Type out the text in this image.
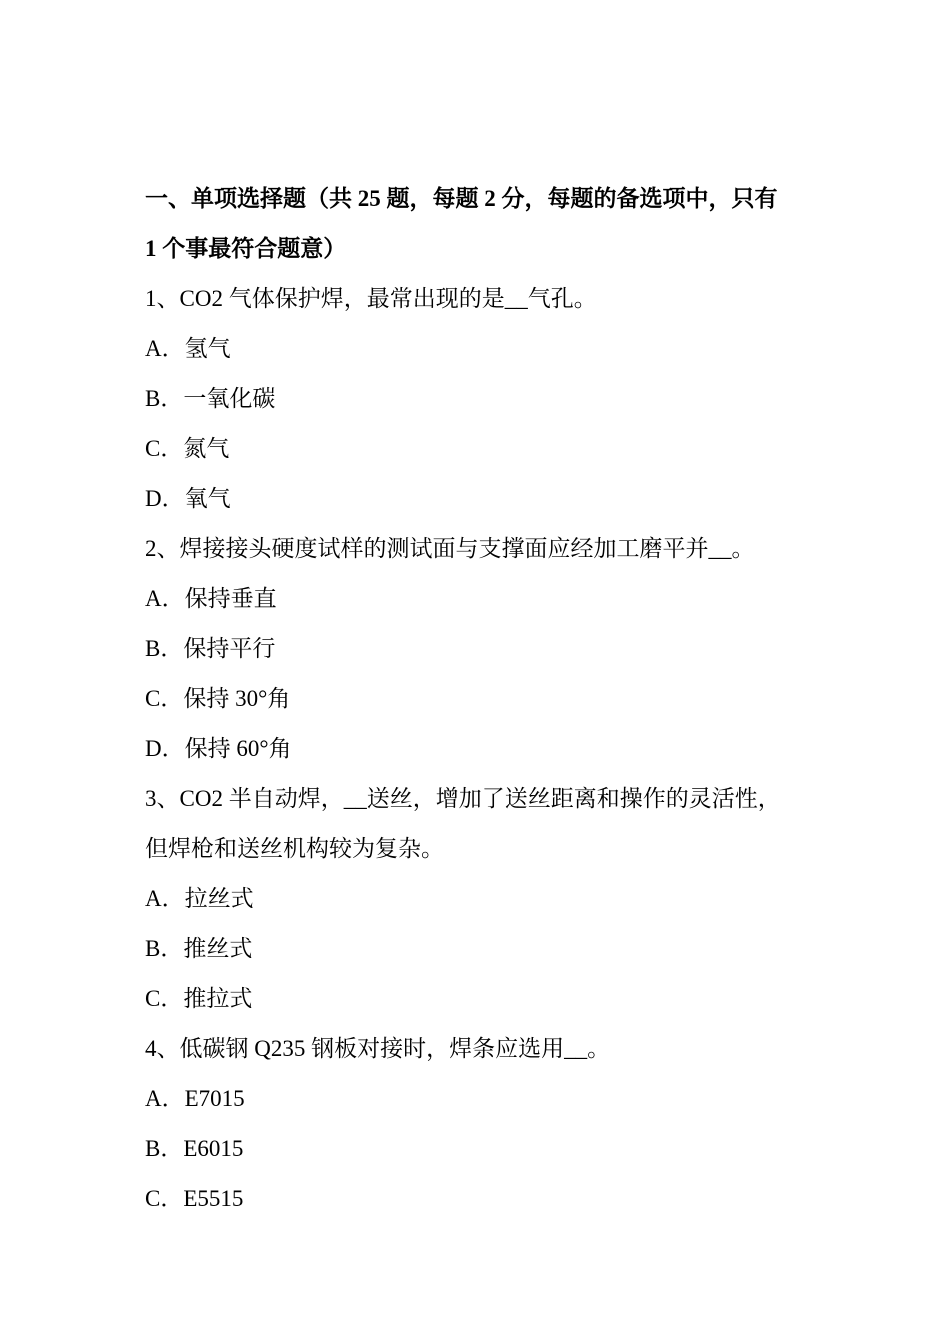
一、单项选择题（共 25 题，每题 2 分，每题的备选项中，只有
1 个事最符合题意）
1、CO2 气体保护焊，最常出现的是__气孔。
A．氢气
B．一氧化碳
C．氮气
D．氧气
2、焊接接头硬度试样的测试面与支撑面应经加工磨平并__。
A．保持垂直
B．保持平行
C．保持 30°角
D．保持 60°角
3、CO2 半自动焊，__送丝，增加了送丝距离和操作的灵活性，
但焊枪和送丝机构较为复杂。
A．拉丝式
B．推丝式
C．推拉式
4、低碳钢 Q235 钢板对接时，焊条应选用__。
A．E7015
B．E6015
C．E5515
